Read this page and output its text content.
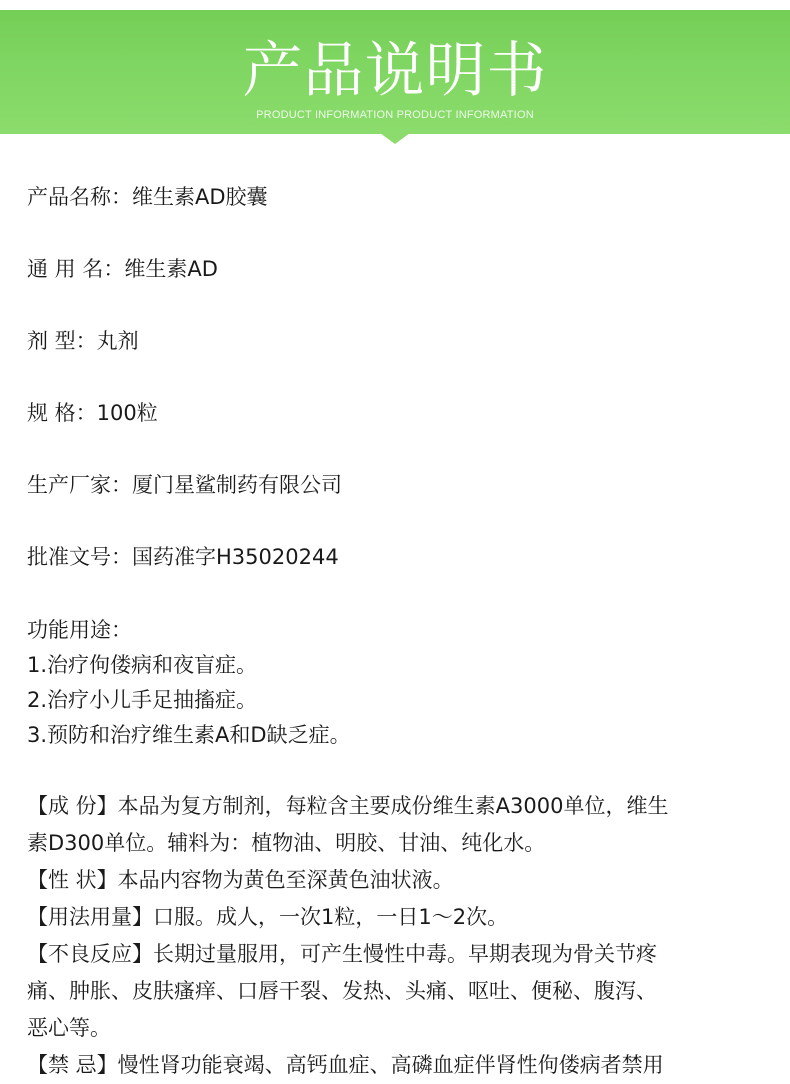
产品说明书
PRODUCT INFORMATION PRODUCT INFORMATION
产品名称：维生素AD胶囊
通 用 名：维生素AD
剂 型：丸剂
规 格：100粒
生产厂家：厦门星鲨制药有限公司
批准文号：国药准字H35020244
功能用途：
1.治疗佝偻病和夜盲症。
2.治疗小儿手足抽搐症。
3.预防和治疗维生素A和D缺乏症。
【成 份】本品为复方制剂，每粒含主要成份维生素A3000单位，维生
素D300单位。辅料为：植物油、明胶、甘油、纯化水。
【性 状】本品内容物为黄色至深黄色油状液。
【用法用量】口服。成人，一次1粒，一日1～2次。
【不良反应】长期过量服用，可产生慢性中毒。早期表现为骨关节疼
痛、肿胀、皮肤瘙痒、口唇干裂、发热、头痛、呕吐、便秘、腹泻、
恶心等。
【禁 忌】慢性肾功能衰竭、高钙血症、高磷血症伴肾性佝偻病者禁用
